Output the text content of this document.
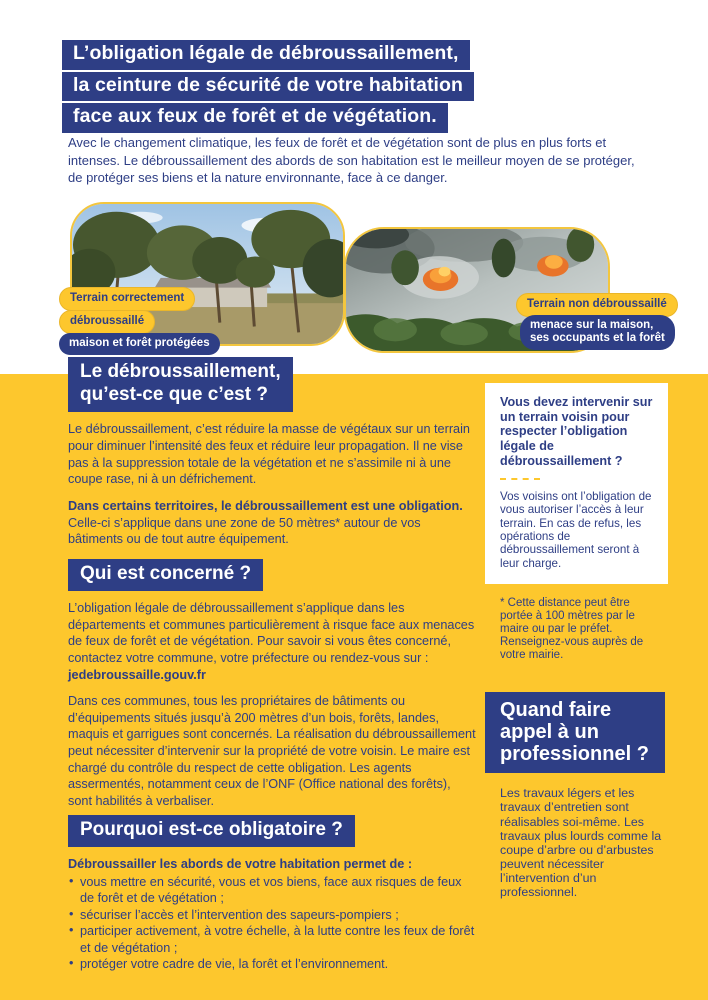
L’obligation légale de débroussaillement,
la ceinture de sécurité de votre habitation
face aux feux de forêt et de végétation.

Avec le changement climatique, les feux de forêt et de végétation sont de plus en plus forts et intenses. Le débroussaillement des abords de son habitation est le meilleur moyen de se protéger, de protéger ses biens et la nature environnante, face à ce danger.

Terrain correctement
débroussaillé
maison et forêt protégées
Terrain non débroussaillé
menace sur la maison,
ses occupants et la forêt
Le débroussaillement,
qu’est-ce que c’est ?

Le débroussaillement, c’est réduire la masse de végétaux sur un terrain pour diminuer l’intensité des feux et réduire leur propagation. Il ne vise pas à la suppression totale de la végétation et ne s’assimile ni à une coupe rase, ni à un défrichement.

Dans certains territoires, le débroussaillement est une obligation. Celle-ci s’applique dans une zone de 50 mètres* autour de vos bâtiments ou de tout autre équipement.

Qui est concerné ?

L’obligation légale de débroussaillement s’applique dans les départements et communes particulièrement à risque face aux menaces de feux de forêt et de végétation. Pour savoir si vous êtes concerné, contactez votre commune, votre préfecture ou rendez-vous sur : jedebroussaille.gouv.fr

Dans ces communes, tous les propriétaires de bâtiments ou d’équipements situés jusqu’à 200 mètres d’un bois, forêts, landes, maquis et garrigues sont concernés. La réalisation du débroussaillement peut nécessiter d’intervenir sur la propriété de votre voisin. Le maire est chargé du contrôle du respect de cette obligation. Les agents assermentés, notamment ceux de l’ONF (Office national des forêts), sont habilités à verbaliser.

Pourquoi est-ce obligatoire ?

Débroussailler les abords de votre habitation permet de :

• vous mettre en sécurité, vous et vos biens, face aux risques de feux de forêt et de végétation ;
• sécuriser l’accès et l’intervention des sapeurs-pompiers ;
• participer activement, à votre échelle, à la lutte contre les feux de forêt et de végétation ;
• protéger votre cadre de vie, la forêt et l’environnement.
Vous devez intervenir sur un terrain voisin pour respecter l’obligation légale de débroussaillement ?
Vos voisins ont l’obligation de vous autoriser l’accès à leur terrain. En cas de refus, les opérations de débroussaillement seront à leur charge.

* Cette distance peut être portée à 100 mètres par le maire ou par le préfet. Renseignez-vous auprès de votre mairie.

Quand faire appel à un professionnel ?

Les travaux légers et les travaux d’entretien sont réalisables soi-même. Les travaux plus lourds comme la coupe d’arbre ou d’arbustes peuvent nécessiter l’intervention d’un professionnel.
